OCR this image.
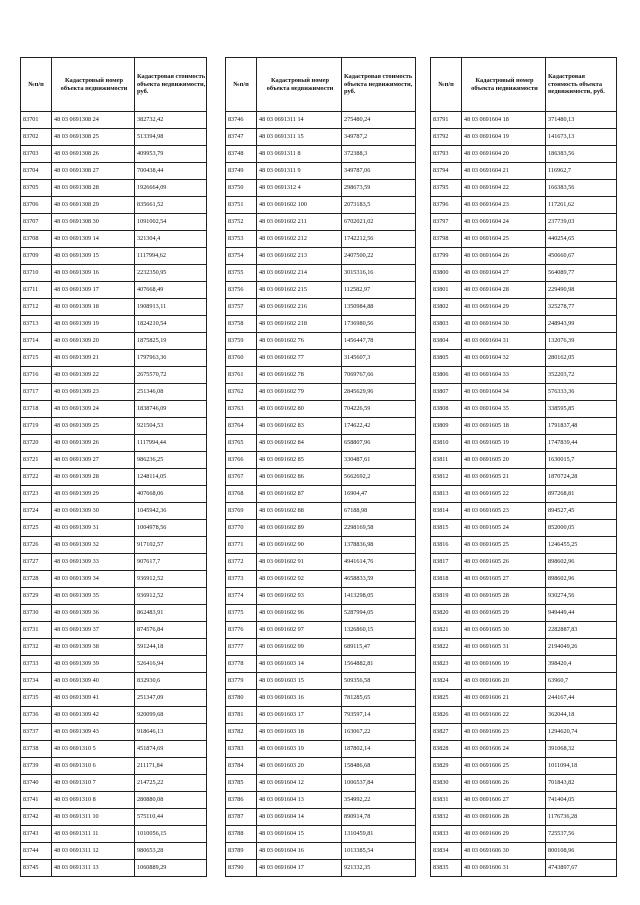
№п/п	Кадастровый номер объекта недвижимости	Кадастровая стоимость объекта недвижимости, руб.
83701	48 03 0691308 24	382732,42
83702	48 03 0691308 25	513394,98
83703	48 03 0691308 26	409953,79
83704	48 03 0691308 27	700438,44
83705	48 03 0691308 28	1926664,09
83706	48 03 0691308 29	835661,52
83707	48 03 0691308 30	1091002,54
83708	48 03 0691309 14	321304,4
83709	48 03 0691309 15	1117994,62
83710	48 03 0691309 16	2232350,95
83711	48 03 0691309 17	407668,49
83712	48 03 0691309 18	1908913,11
83713	48 03 0691309 19	1824210,54
83714	48 03 0691309 20	1875825,19
83715	48 03 0691309 21	1797963,36
83716	48 03 0691309 22	2675570,72
83717	48 03 0691309 23	251346,08
83718	48 03 0691309 24	1838746,09
83719	48 03 0691309 25	921504,53
83720	48 03 0691309 26	1117994,44
83721	48 03 0691309 27	986236,25
83722	48 03 0691309 28	1248114,05
83723	48 03 0691309 29	407668,06
83724	48 03 0691309 30	1045942,36
83725	48 03 0691309 31	1004978,56
83726	48 03 0691309 32	917102,57
83727	48 03 0691309 33	907617,7
83728	48 03 0691309 34	936912,52
83729	48 03 0691309 35	936912,52
83730	48 03 0691309 36	862483,91
83731	48 03 0691309 37	874576,84
83732	48 03 0691309 38	591244,18
83733	48 03 0691309 39	526416,94
83734	48 03 0691309 40	832930,6
83735	48 03 0691309 41	251347,09
83736	48 03 0691309 42	920099,68
83737	48 03 0691309 43	918646,13
83738	48 03 0691310 5	451874,69
83739	48 03 0691310 6	211171,84
83740	48 03 0691310 7	214725,22
83741	48 03 0691310 8	280880,08
83742	48 03 0691311 10	575110,44
83743	48 03 0691311 11	1010056,15
83744	48 03 0691311 12	980653,28
83745	48 03 0691311 13	1060889,29
№п/п	Кадастровый номер объекта недвижимости	Кадастровая стоимость объекта недвижимости, руб.
83746	48 03 0691311 14	275480,24
83747	48 03 0691311 15	349787,2
83748	48 03 0691311 8	372388,3
83749	48 03 0691311 9	349787,06
83750	48 03 0691312 4	298673,59
83751	48 03 0691602 100	2073183,5
83752	48 03 0691602 211	6702021,02
83753	48 03 0691602 212	1742212,56
83754	48 03 0691602 213	2407500,22
83755	48 03 0691602 214	3015316,16
83756	48 03 0691602 215	112582,97
83757	48 03 0691602 216	1350984,88
83758	48 03 0691602 218	1736980,56
83759	48 03 0691602 76	1456447,78
83760	48 03 0691602 77	3145607,3
83761	48 03 0691602 78	7069767,66
83762	48 03 0691602 79	2845629,96
83763	48 03 0691602 80	704226,59
83764	48 03 0691602 83	174622,42
83765	48 03 0691602 84	658807,96
83766	48 03 0691602 85	330487,61
83767	48 03 0691602 86	5662692,2
83768	48 03 0691602 87	16904,47
83769	48 03 0691602 88	67188,98
83770	48 03 0691602 89	2298169,58
83771	48 03 0691602 90	1378836,98
83772	48 03 0691602 91	4941614,76
83773	48 03 0691602 92	4658833,59
83774	48 03 0691602 93	1413298,05
83775	48 03 0691602 96	5287994,05
83776	48 03 0691602 97	1326860,15
83777	48 03 0691602 99	689115,47
83778	48 03 0691603 14	1564882,81
83779	48 03 0691603 15	509356,58
83780	48 03 0691603 16	781285,65
83781	48 03 0691603 17	793597,14
83782	48 03 0691603 18	163067,22
83783	48 03 0691603 19	187802,14
83784	48 03 0691603 20	158486,68
83785	48 03 0691604 12	1006537,84
83786	48 03 0691604 13	354992,22
83787	48 03 0691604 14	890914,78
83788	48 03 0691604 15	1310459,81
83789	48 03 0691604 16	1013385,54
83790	48 03 0691604 17	921332,35
№п/п	Кадастровый номер объекта недвижимости	Кадастровая стоимость объекта недвижимости, руб.
83791	48 03 0691604 18	371480,13
83792	48 03 0691604 19	141673,13
83793	48 03 0691604 20	186383,56
83794	48 03 0691604 21	116962,7
83795	48 03 0691604 22	166383,56
83796	48 03 0691604 23	117261,62
83797	48 03 0691604 24	237739,03
83798	48 03 0691604 25	440254,65
83799	48 03 0691604 26	450660,67
83800	48 03 0691604 27	564089,77
83801	48 03 0691604 28	229490,98
83802	48 03 0691604 29	325278,77
83803	48 03 0691604 30	248943,99
83804	48 03 0691604 31	132076,39
83805	48 03 0691604 32	280162,05
83806	48 03 0691604 33	352203,72
83807	48 03 0691604 34	576333,36
83808	48 03 0691604 35	338595,85
83809	48 03 0691605 18	1791837,48
83810	48 03 0691605 19	1747839,44
83811	48 03 0691605 20	1630015,7
83812	48 03 0691605 21	1870724,28
83813	48 03 0691605 22	897268,81
83814	48 03 0691605 23	894527,45
83815	48 03 0691605 24	852000,05
83816	48 03 0691605 25	1246455,25
83817	48 03 0691605 26	898602,96
83818	48 03 0691605 27	898602,96
83819	48 03 0691605 28	930274,56
83820	48 03 0691605 29	949449,44
83821	48 03 0691605 30	2282887,83
83822	48 03 0691605 31	2194049,26
83823	48 03 0691606 19	398420,4
83824	48 03 0691606 20	63960,7
83825	48 03 0691606 21	244167,44
83826	48 03 0691606 22	362044,18
83827	48 03 0691606 23	1294620,74
83828	48 03 0691606 24	391068,32
83829	48 03 0691606 25	1011094,18
83830	48 03 0691606 26	701843,82
83831	48 03 0691606 27	741404,05
83832	48 03 0691606 28	1176736,28
83833	48 03 0691606 29	725537,56
83834	48 03 0691606 30	800108,96
83835	48 03 0691606 31	4743897,67
